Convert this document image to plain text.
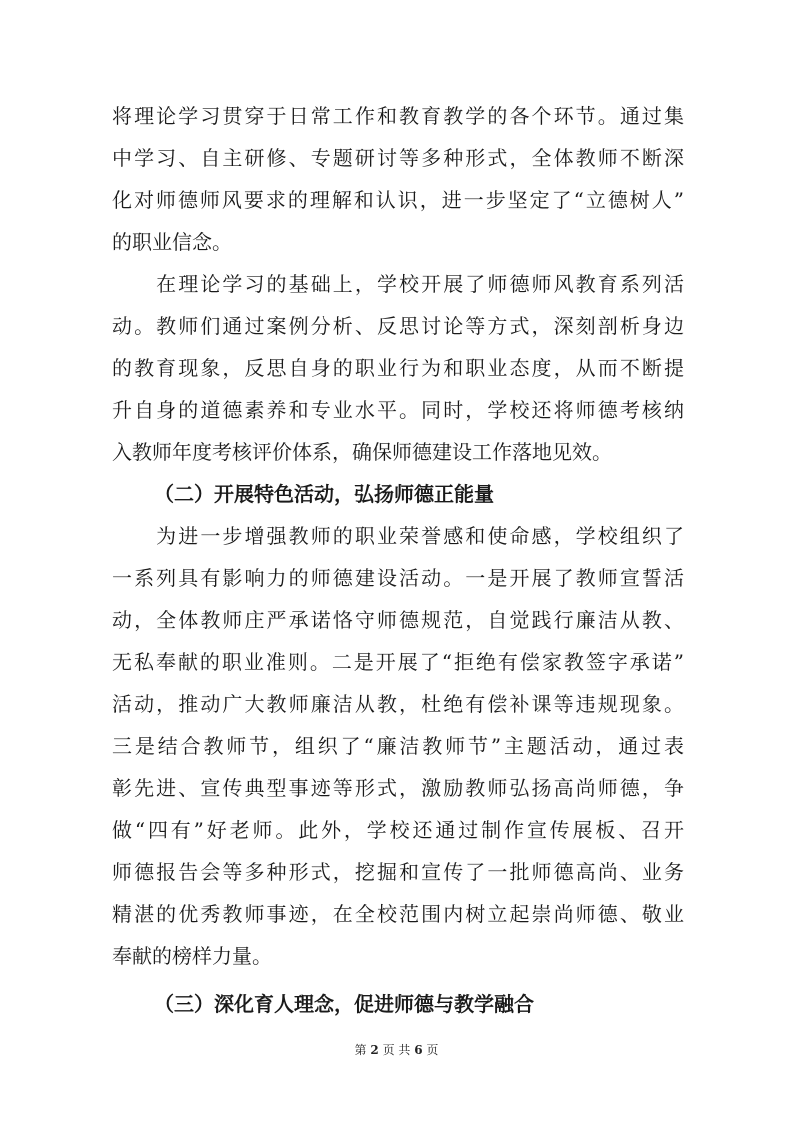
将理论学习贯穿于日常工作和教育教学的各个环节。通过集
中学习、自主研修、专题研讨等多种形式，全体教师不断深
化对师德师风要求的理解和认识，进一步坚定了“立德树人”
的职业信念。
　　在理论学习的基础上，学校开展了师德师风教育系列活
动。教师们通过案例分析、反思讨论等方式，深刻剖析身边
的教育现象，反思自身的职业行为和职业态度，从而不断提
升自身的道德素养和专业水平。同时，学校还将师德考核纳
入教师年度考核评价体系，确保师德建设工作落地见效。
（二）开展特色活动，弘扬师德正能量
　　为进一步增强教师的职业荣誉感和使命感，学校组织了
一系列具有影响力的师德建设活动。一是开展了教师宣誓活
动，全体教师庄严承诺恪守师德规范，自觉践行廉洁从教、
无私奉献的职业准则。二是开展了“拒绝有偿家教签字承诺”
活动，推动广大教师廉洁从教，杜绝有偿补课等违规现象。
三是结合教师节，组织了“廉洁教师节”主题活动，通过表
彰先进、宣传典型事迹等形式，激励教师弘扬高尚师德，争
做“四有”好老师。此外，学校还通过制作宣传展板、召开
师德报告会等多种形式，挖掘和宣传了一批师德高尚、业务
精湛的优秀教师事迹，在全校范围内树立起崇尚师德、敬业
奉献的榜样力量。
（三）深化育人理念，促进师德与教学融合
第 2 页 共 6 页
